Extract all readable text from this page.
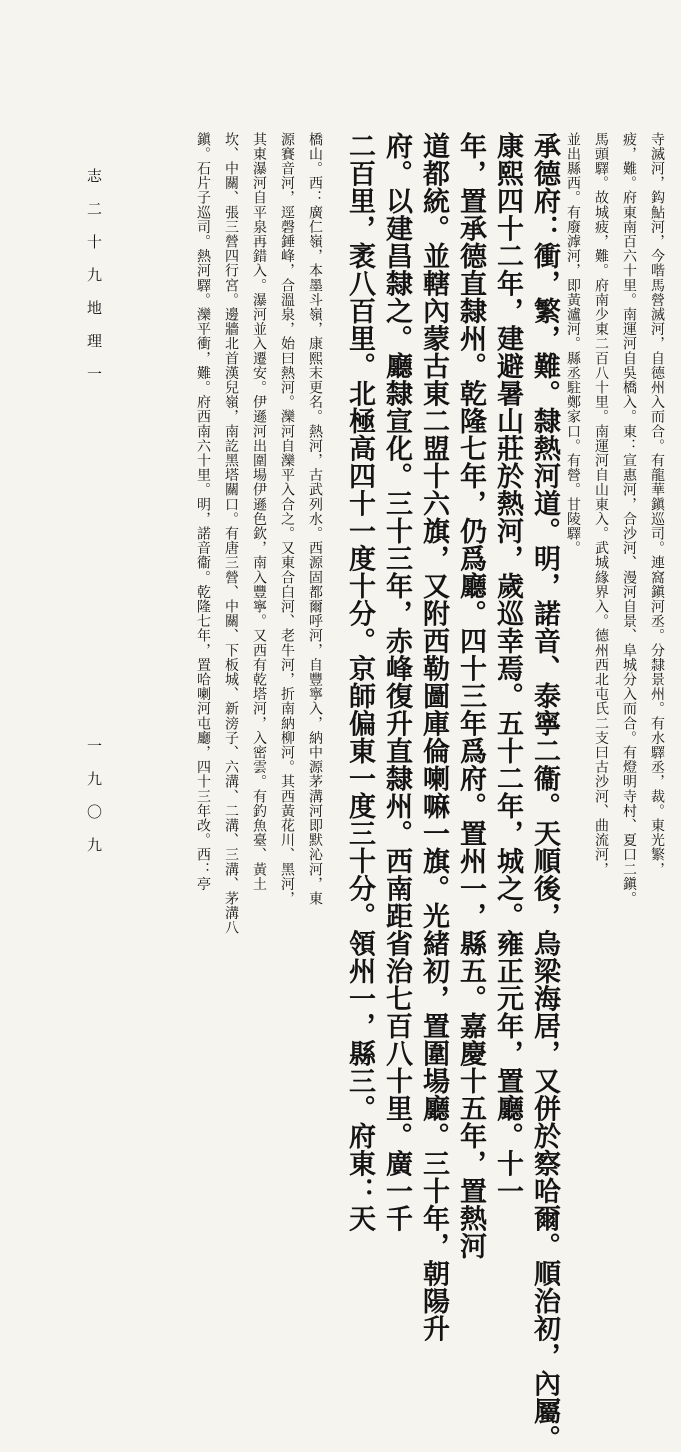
寺滅河，鈎鮎河，今喈馬營滅河，自德州入而合。有龍華鎭巡司。連窩鎭河丞。分隸景州。有水驛丞，裁。東光繁，
疲，難。府東南百六十里。南運河自吳橋入。東：宣惠河，合沙河、漫河自景、阜城分入而合。有燈明寺村、夏口二鎭。
馬頭驛。故城疲，難。府南少東二百八十里。南運河自山東入。武城緣界入。德州西北屯氏二支曰古沙河、曲流河，
並出縣西。有廢滹河，即黃瀘河。縣丞駐鄭家口。有營。甘陵驛。
承德府：衝，繁，難。隸熱河道。明，諾音、泰寧二衞。天順後，烏梁海居，又併於察哈爾。順治初，內屬。
康熙四十二年，建避暑山莊於熱河，歲巡幸焉。五十二年，城之。雍正元年，置廳。十一
年，置承德直隸州。乾隆七年，仍爲廳。四十三年爲府。置州一，縣五。嘉慶十五年，置熱河
道都統。並轄內蒙古東二盟十六旗，又附西勒圖庫倫喇嘛一旗。光緒初，置圍場廳。三十年，朝陽升
府。以建昌隸之。廳隸宣化。三十三年，赤峰復升直隸州。西南距省治七百八十里。廣一千
二百里，袤八百里。北極高四十一度十分。京師偏東一度三十分。領州一，縣三。府東：天
橋山。西：廣仁嶺，本墨斗嶺，康熙末更名。熱河，古武列水。西源固都爾呼河，自豐寧入，納中源茅溝河即默沁河，東
源賽音河，逕磬錘峰，合溫泉，始曰熱河。灤河自灤平入合之。又東合白河、老牛河，折南納柳河。其西黃花川、黑河，
其東瀑河自平泉再錯入。瀑河並入遷安。伊遜河出圍場伊遜色欽，南入豐寧。又西有乾塔河，入密雲。有釣魚臺、黃土
坎、中關、張三營四行宮。邊牆北首漢兒嶺，南訖黑塔關口。有唐三營、中關、下板城、新滂子、六溝、二溝、三溝、茅溝八
鎭。石片子巡司。熱河驛。灤平衝，難。府西南六十里。明，諾音衞。乾隆七年，置哈喇河屯廳，四十三年改。西：亭
志 二 十 九 地 理 一
一 九 〇 九
